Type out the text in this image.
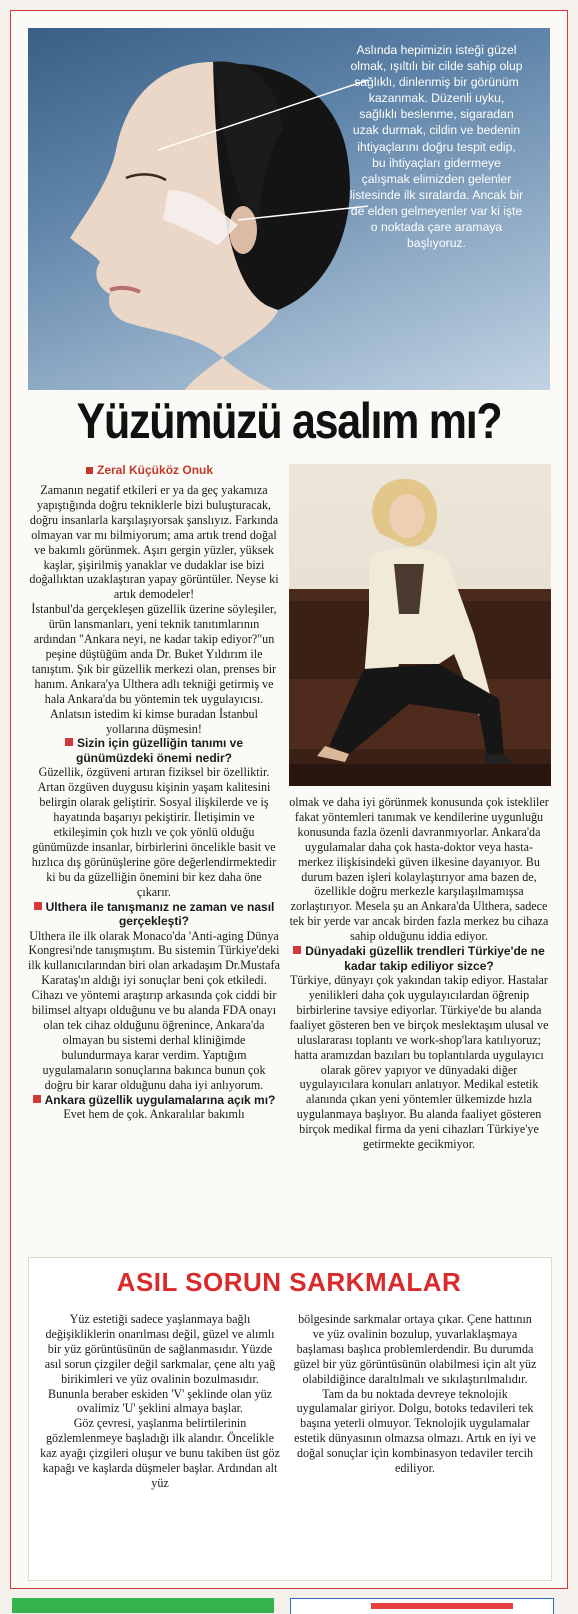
Aslında hepimizin isteği güzel olmak, ışıltılı bir cilde sahip olup sağlıklı, dinlenmiş bir görünüm kazanmak. Düzenli uyku, sağlıklı beslenme, sigaradan uzak durmak, cildin ve bedenin ihtiyaçlarını doğru tespit edip, bu ihtiyaçları gidermeye çalışmak elimizden gelenler listesinde ilk sıralarda. Ancak bir de elden gelmeyenler var ki işte o noktada çare aramaya başlıyoruz.
Yüzümüzü asalım mı?
Zeral Küçüköz Onuk

Zamanın negatif etkileri er ya da geç yakamıza yapıştığında doğru tekniklerle bizi buluşturacak, doğru insanlarla karşılaşıyorsak şanslıyız. Farkında olmayan var mı bilmiyorum; ama artık trend doğal ve bakımlı görünmek. Aşırı gergin yüzler, yüksek kaşlar, şişirilmiş yanaklar ve dudaklar ise bizi doğallıktan uzaklaştıran yapay görüntüler. Neyse ki artık demodeler!

İstanbul'da gerçekleşen güzellik üzerine söyleşiler, ürün lansmanları, yeni teknik tanıtımlarının ardından "Ankara neyi, ne kadar takip ediyor?"un peşine düştüğüm anda Dr. Buket Yıldırım ile tanıştım. Şık bir güzellik merkezi olan, prenses bir hanım. Ankara'ya Ulthera adlı tekniği getirmiş ve hala Ankara'da bu yöntemin tek uygulayıcısı. Anlatsın istedim ki kimse buradan İstanbul yollarına düşmesin!

Sizin için güzelliğin tanımı ve günümüzdeki önemi nedir?

Güzellik, özgüveni artıran fiziksel bir özelliktir. Artan özgüven duygusu kişinin yaşam kalitesini belirgin olarak geliştirir. Sosyal ilişkilerde ve iş hayatında başarıyı pekiştirir. İletişimin ve etkileşimin çok hızlı ve çok yönlü olduğu günümüzde insanlar, birbirlerini öncelikle basit ve hızlıca dış görünüşlerine göre değerlendirmektedir ki bu da güzelliğin önemini bir kez daha öne çıkarır.

Ulthera ile tanışmanız ne zaman ve nasıl gerçekleşti?

Ulthera ile ilk olarak Monaco'da 'Anti-aging Dünya Kongresi'nde tanışmıştım. Bu sistemin Türkiye'deki ilk kullanıcılarından biri olan arkadaşım Dr.Mustafa Karataş'ın aldığı iyi sonuçlar beni çok etkiledi. Cihazı ve yöntemi araştırıp arkasında çok ciddi bir bilimsel altyapı olduğunu ve bu alanda FDA onayı olan tek cihaz olduğunu öğrenince, Ankara'da olmayan bu sistemi derhal kliniğimde bulundurmaya karar verdim. Yaptığım uygulamaların sonuçlarına bakınca bunun çok doğru bir karar olduğunu daha iyi anlıyorum.

Ankara güzellik uygulamalarına açık mı?

Evet hem de çok. Ankaralılar bakımlı

olmak ve daha iyi görünmek konusunda çok istekliler fakat yöntemleri tanımak ve kendilerine uygunluğu konusunda fazla özenli davranmıyorlar. Ankara'da uygulamalar daha çok hasta-doktor veya hasta-merkez ilişkisindeki güven ilkesine dayanıyor. Bu durum bazen işleri kolaylaştırıyor ama bazen de, özellikle doğru merkezle karşılaşılmamışsa zorlaştırıyor. Mesela şu an Ankara'da Ulthera, sadece tek bir yerde var ancak birden fazla merkez bu cihaza sahip olduğunu iddia ediyor.

Dünyadaki güzellik trendleri Türkiye'de ne kadar takip ediliyor sizce?

Türkiye, dünyayı çok yakından takip ediyor. Hastalar yenilikleri daha çok uygulayıcılardan öğrenip birbirlerine tavsiye ediyorlar. Türkiye'de bu alanda faaliyet gösteren ben ve birçok meslektaşım ulusal ve uluslararası toplantı ve work-shop'lara katılıyoruz; hatta aramızdan bazıları bu toplantılarda uygulayıcı olarak görev yapıyor ve dünyadaki diğer uygulayıcılara konuları anlatıyor. Medikal estetik alanında çıkan yeni yöntemler ülkemizde hızla uygulanmaya başlıyor. Bu alanda faaliyet gösteren birçok medikal firma da yeni cihazları Türkiye'ye getirmekte gecikmiyor.

ASIL SORUN SARKMALAR

Yüz estetiği sadece yaşlanmaya bağlı değişikliklerin onarılması değil, güzel ve alımlı bir yüz görüntüsünün de sağlanmasıdır. Yüzde asıl sorun çizgiler değil sarkmalar, çene altı yağ birikimleri ve yüz ovalinin bozulmasıdır. Bununla beraber eskiden 'V' şeklinde olan yüz ovalimiz 'U' şeklini almaya başlar.

Göz çevresi, yaşlanma belirtilerinin gözlemlenmeye başladığı ilk alandır. Öncelikle kaz ayağı çizgileri oluşur ve bunu takiben üst göz kapağı ve kaşlarda düşmeler başlar. Ardından alt yüz

bölgesinde sarkmalar ortaya çıkar. Çene hattının ve yüz ovalinin bozulup, yuvarlaklaşmaya başlaması başlıca problemlerdendir. Bu durumda güzel bir yüz görüntüsünün olabilmesi için alt yüz olabildiğince daraltılmalı ve sıkılaştırılmalıdır. Tam da bu noktada devreye teknolojik uygulamalar giriyor. Dolgu, botoks tedavileri tek başına yeterli olmuyor. Teknolojik uygulamalar estetik dünyasının olmazsa olmazı. Artık en iyi ve doğal sonuçlar için kombinasyon tedaviler tercih ediliyor.
